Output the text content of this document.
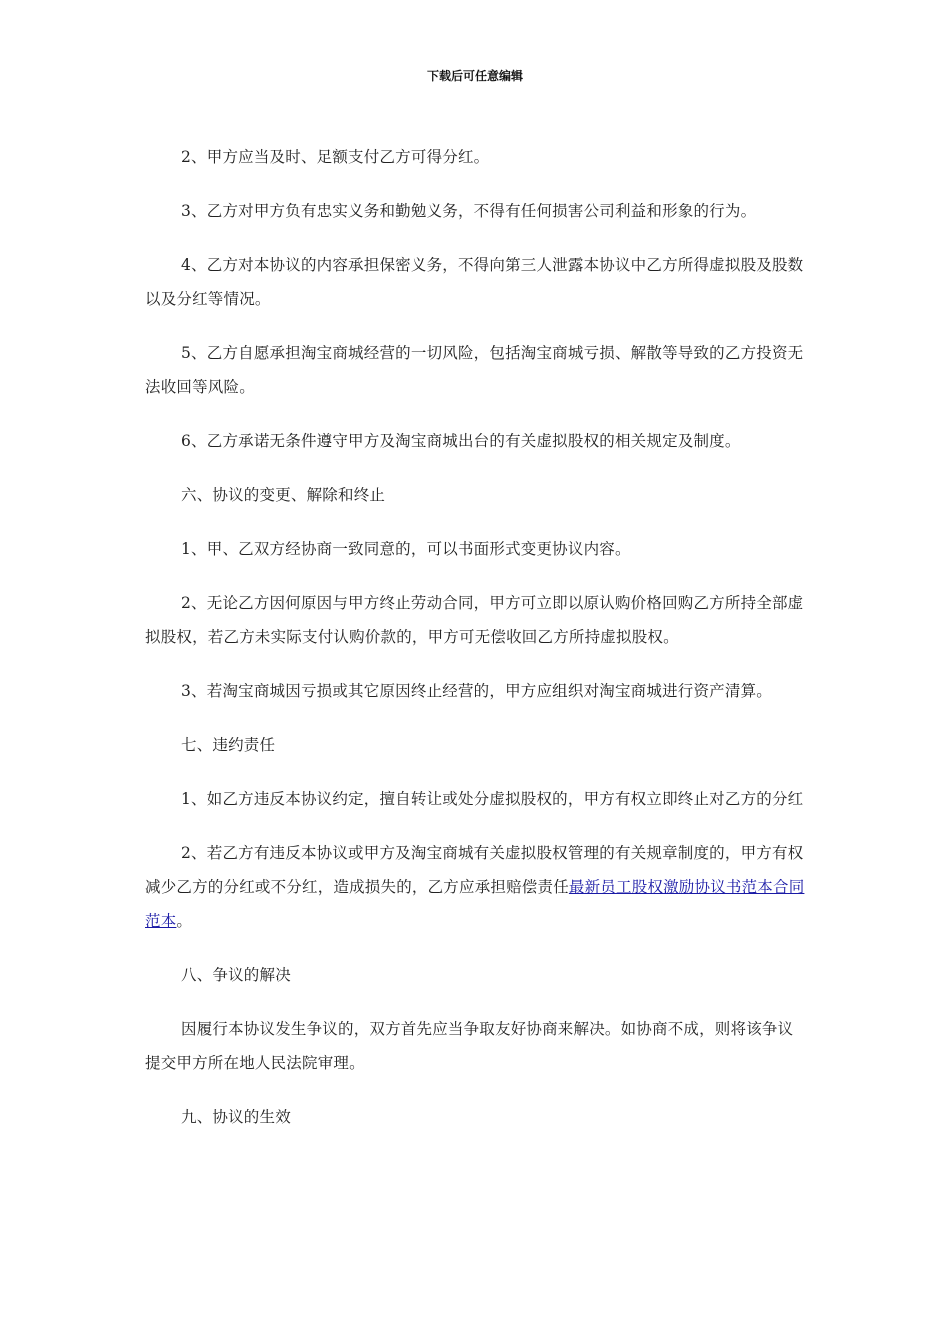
下载后可任意编辑

2、甲方应当及时、足额支付乙方可得分红。

3、乙方对甲方负有忠实义务和勤勉义务，不得有任何损害公司利益和形象的行为。

4、乙方对本协议的内容承担保密义务，不得向第三人泄露本协议中乙方所得虚拟股及股数以及分红等情况。

5、乙方自愿承担淘宝商城经营的一切风险，包括淘宝商城亏损、解散等导致的乙方投资无法收回等风险。

6、乙方承诺无条件遵守甲方及淘宝商城出台的有关虚拟股权的相关规定及制度。

六、协议的变更、解除和终止

1、甲、乙双方经协商一致同意的，可以书面形式变更协议内容。

2、无论乙方因何原因与甲方终止劳动合同，甲方可立即以原认购价格回购乙方所持全部虚拟股权，若乙方未实际支付认购价款的，甲方可无偿收回乙方所持虚拟股权。

3、若淘宝商城因亏损或其它原因终止经营的，甲方应组织对淘宝商城进行资产清算。

七、违约责任

1、如乙方违反本协议约定，擅自转让或处分虚拟股权的，甲方有权立即终止对乙方的分红

2、若乙方有违反本协议或甲方及淘宝商城有关虚拟股权管理的有关规章制度的，甲方有权减少乙方的分红或不分红，造成损失的，乙方应承担赔偿责任最新员工股权激励协议书范本合同范本。

八、争议的解决

因履行本协议发生争议的，双方首先应当争取友好协商来解决。如协商不成，则将该争议提交甲方所在地人民法院审理。

九、协议的生效
